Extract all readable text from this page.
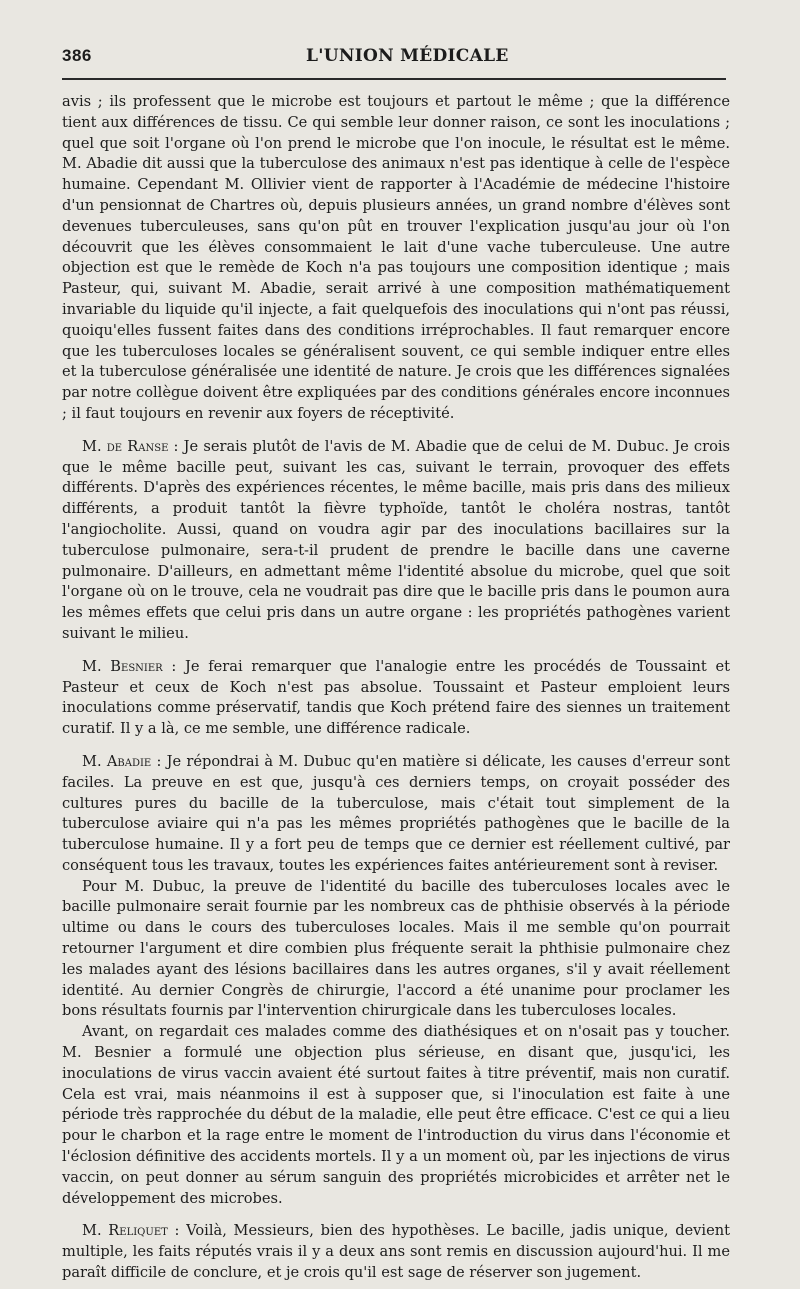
386	L'UNION MÉDICALE

avis ; ils professent que le microbe est toujours et partout le même ; que la différence tient aux différences de tissu. Ce qui semble leur donner raison, ce sont les inoculations ; quel que soit l'organe où l'on prend le microbe que l'on inocule, le résultat est le même. M. Abadie dit aussi que la tuberculose des animaux n'est pas identique à celle de l'espèce humaine. Cependant M. Ollivier vient de rapporter à l'Académie de médecine l'histoire d'un pensionnat de Chartres où, depuis plusieurs années, un grand nombre d'élèves sont devenues tuberculeuses, sans qu'on pût en trouver l'explication jusqu'au jour où l'on découvrit que les élèves consommaient le lait d'une vache tuberculeuse. Une autre objection est que le remède de Koch n'a pas toujours une composition identique ; mais Pasteur, qui, suivant M. Abadie, serait arrivé à une composition mathématiquement invariable du liquide qu'il injecte, a fait quelquefois des inoculations qui n'ont pas réussi, quoiqu'elles fussent faites dans des conditions irréprochables. Il faut remarquer encore que les tuberculoses locales se généralisent souvent, ce qui semble indiquer entre elles et la tuberculose généralisée une identité de nature. Je crois que les différences signalées par notre collègue doivent être expliquées par des conditions générales encore inconnues ; il faut toujours en revenir aux foyers de réceptivité.

M. de Ranse : Je serais plutôt de l'avis de M. Abadie que de celui de M. Dubuc. Je crois que le même bacille peut, suivant les cas, suivant le terrain, provoquer des effets différents. D'après des expériences récentes, le même bacille, mais pris dans des milieux différents, a produit tantôt la fièvre typhoïde, tantôt le choléra nostras, tantôt l'angiocholite. Aussi, quand on voudra agir par des inoculations bacillaires sur la tuberculose pulmonaire, sera-t-il prudent de prendre le bacille dans une caverne pulmonaire. D'ailleurs, en admettant même l'identité absolue du microbe, quel que soit l'organe où on le trouve, cela ne voudrait pas dire que le bacille pris dans le poumon aura les mêmes effets que celui pris dans un autre organe : les propriétés pathogènes varient suivant le milieu.

M. Besnier : Je ferai remarquer que l'analogie entre les procédés de Toussaint et Pasteur et ceux de Koch n'est pas absolue. Toussaint et Pasteur emploient leurs inoculations comme préservatif, tandis que Koch prétend faire des siennes un traitement curatif. Il y a là, ce me semble, une différence radicale.

M. Abadie : Je répondrai à M. Dubuc qu'en matière si délicate, les causes d'erreur sont faciles. La preuve en est que, jusqu'à ces derniers temps, on croyait posséder des cultures pures du bacille de la tuberculose, mais c'était tout simplement de la tuberculose aviaire qui n'a pas les mêmes propriétés pathogènes que le bacille de la tuberculose humaine. Il y a fort peu de temps que ce dernier est réellement cultivé, par conséquent tous les travaux, toutes les expériences faites antérieurement sont à reviser.

Pour M. Dubuc, la preuve de l'identité du bacille des tuberculoses locales avec le bacille pulmonaire serait fournie par les nombreux cas de phthisie observés à la période ultime ou dans le cours des tuberculoses locales. Mais il me semble qu'on pourrait retourner l'argument et dire combien plus fréquente serait la phthisie pulmonaire chez les malades ayant des lésions bacillaires dans les autres organes, s'il y avait réellement identité. Au dernier Congrès de chirurgie, l'accord a été unanime pour proclamer les bons résultats fournis par l'intervention chirurgicale dans les tuberculoses locales.

Avant, on regardait ces malades comme des diathésiques et on n'osait pas y toucher. M. Besnier a formulé une objection plus sérieuse, en disant que, jusqu'ici, les inoculations de virus vaccin avaient été surtout faites à titre préventif, mais non curatif. Cela est vrai, mais néanmoins il est à supposer que, si l'inoculation est faite à une période très rapprochée du début de la maladie, elle peut être efficace. C'est ce qui a lieu pour le charbon et la rage entre le moment de l'introduction du virus dans l'économie et l'éclosion définitive des accidents mortels. Il y a un moment où, par les injections de virus vaccin, on peut donner au sérum sanguin des propriétés microbicides et arrêter net le développement des microbes.

M. Reliquet : Voilà, Messieurs, bien des hypothèses. Le bacille, jadis unique, devient multiple, les faits réputés vrais il y a deux ans sont remis en discussion aujourd'hui. Il me paraît difficile de conclure, et je crois qu'il est sage de réserver son jugement.
